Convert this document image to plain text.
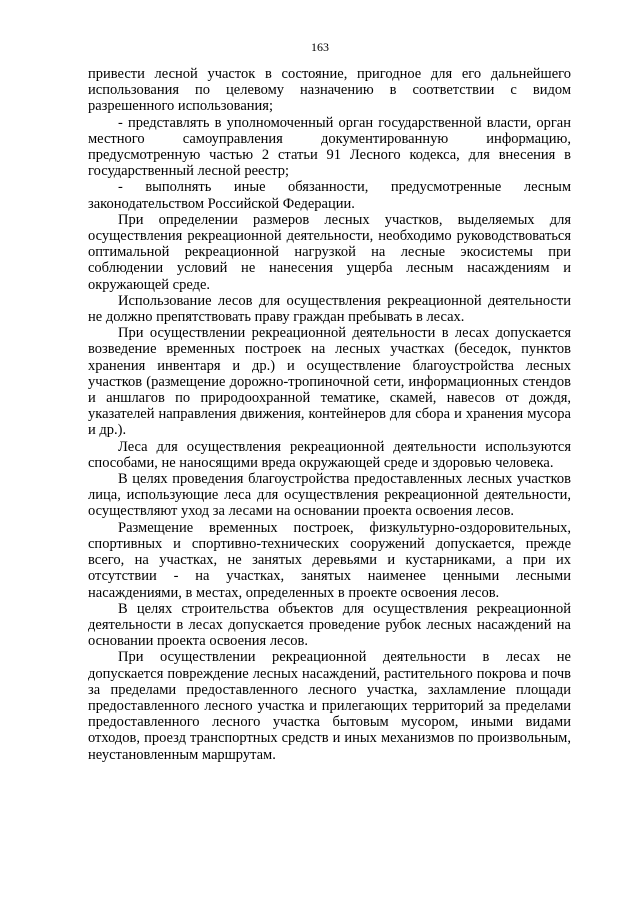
163

привести лесной участок в состояние, пригодное для его дальнейшего использования по целевому назначению в соответствии с видом разрешенного использования;

- представлять в уполномоченный орган государственной власти, орган местного самоуправления документированную информацию, предусмотренную частью 2 статьи 91 Лесного кодекса, для внесения в государственный лесной реестр;

- выполнять иные обязанности, предусмотренные лесным законодательством Российской Федерации.

При определении размеров лесных участков, выделяемых для осуществления рекреационной деятельности, необходимо руководствоваться оптимальной рекреационной нагрузкой на лесные экосистемы при соблюдении условий не нанесения ущерба лесным насаждениям и окружающей среде.

Использование лесов для осуществления рекреационной деятельности не должно препятствовать праву граждан пребывать в лесах.

При осуществлении рекреационной деятельности в лесах допускается возведение временных построек на лесных участках (беседок, пунктов хранения инвентаря и др.) и осуществление благоустройства лесных участков (размещение дорожно-тропиночной сети, информационных стендов и аншлагов по природоохранной тематике, скамей, навесов от дождя, указателей направления движения, контейнеров для сбора и хранения мусора и др.).

Леса для осуществления рекреационной деятельности используются способами, не наносящими вреда окружающей среде и здоровью человека.

В целях проведения благоустройства предоставленных лесных участков лица, использующие леса для осуществления рекреационной деятельности, осуществляют уход за лесами на основании проекта освоения лесов.

Размещение временных построек, физкультурно-оздоровительных, спортивных и спортивно-технических сооружений допускается, прежде всего, на участках, не занятых деревьями и кустарниками, а при их отсутствии - на участках, занятых наименее ценными лесными насаждениями, в местах, определенных в проекте освоения лесов.

В целях строительства объектов для осуществления рекреационной деятельности в лесах допускается проведение рубок лесных насаждений на основании проекта освоения лесов.

При осуществлении рекреационной деятельности в лесах не допускается повреждение лесных насаждений, растительного покрова и почв за пределами предоставленного лесного участка, захламление площади предоставленного лесного участка и прилегающих территорий за пределами предоставленного лесного участка бытовым мусором, иными видами отходов, проезд транспортных средств и иных механизмов по произвольным, неустановленным маршрутам.
